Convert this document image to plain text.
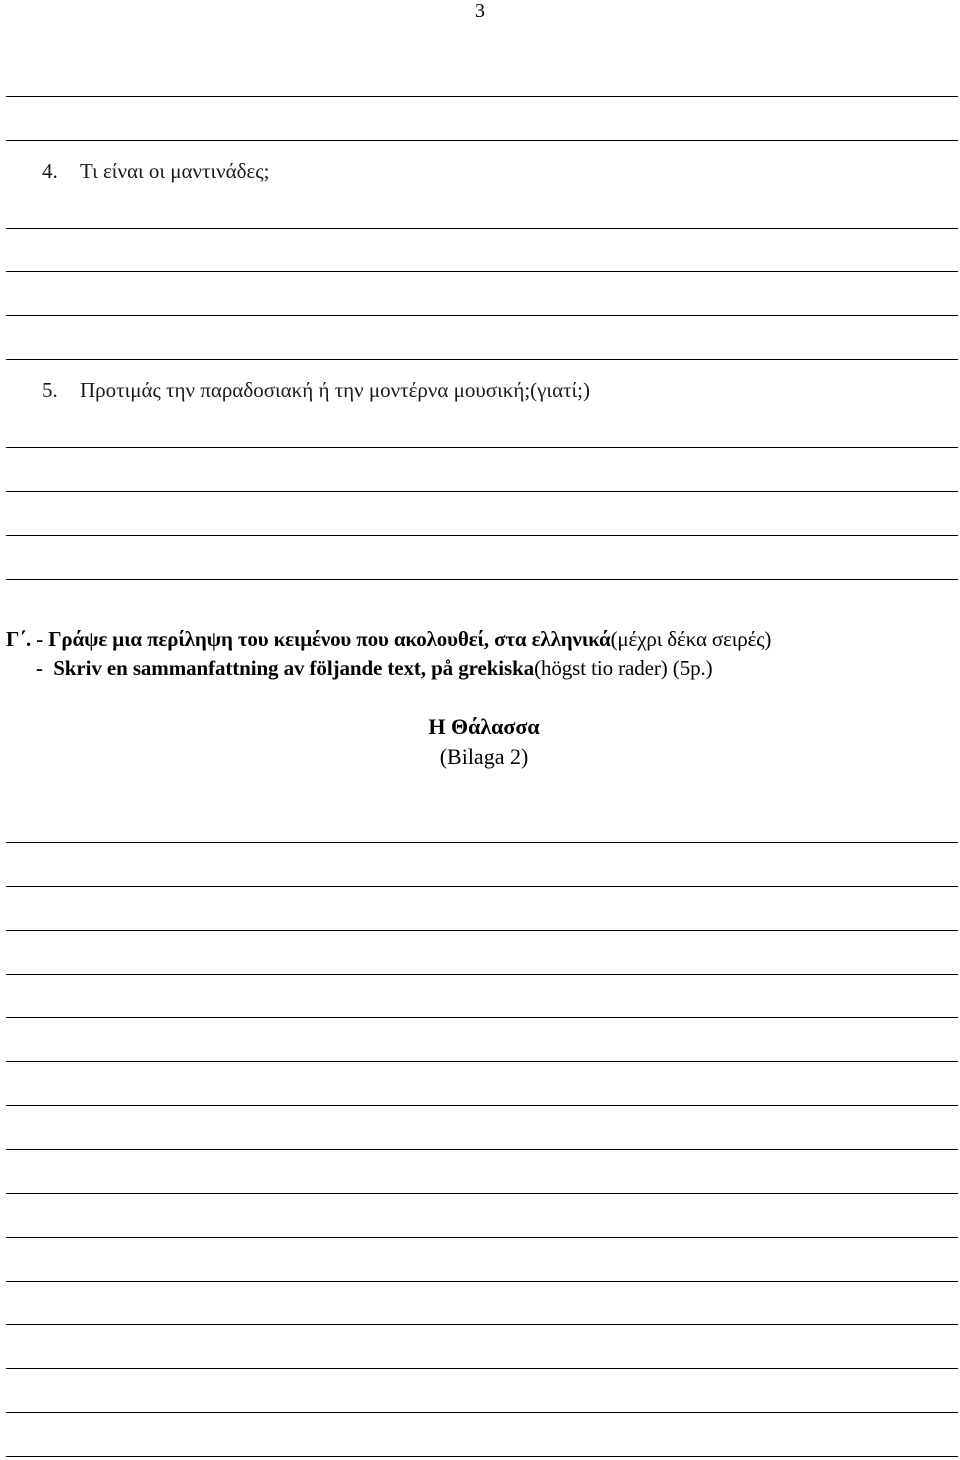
3
4. Τι είναι οι μαντινάδες;
5. Προτιμάς την παραδοσιακή ή την μοντέρνα μουσική;(γιατί;)
Γ΄. - Γράψε μια περίληψη του κειμένου που ακολουθεί, στα ελληνικά(μέχρι δέκα σειρές)
- Skriv en sammanfattning av följande text, på grekiska(högst tio rader) (5p.)
Η Θάλασσα
(Bilaga 2)
